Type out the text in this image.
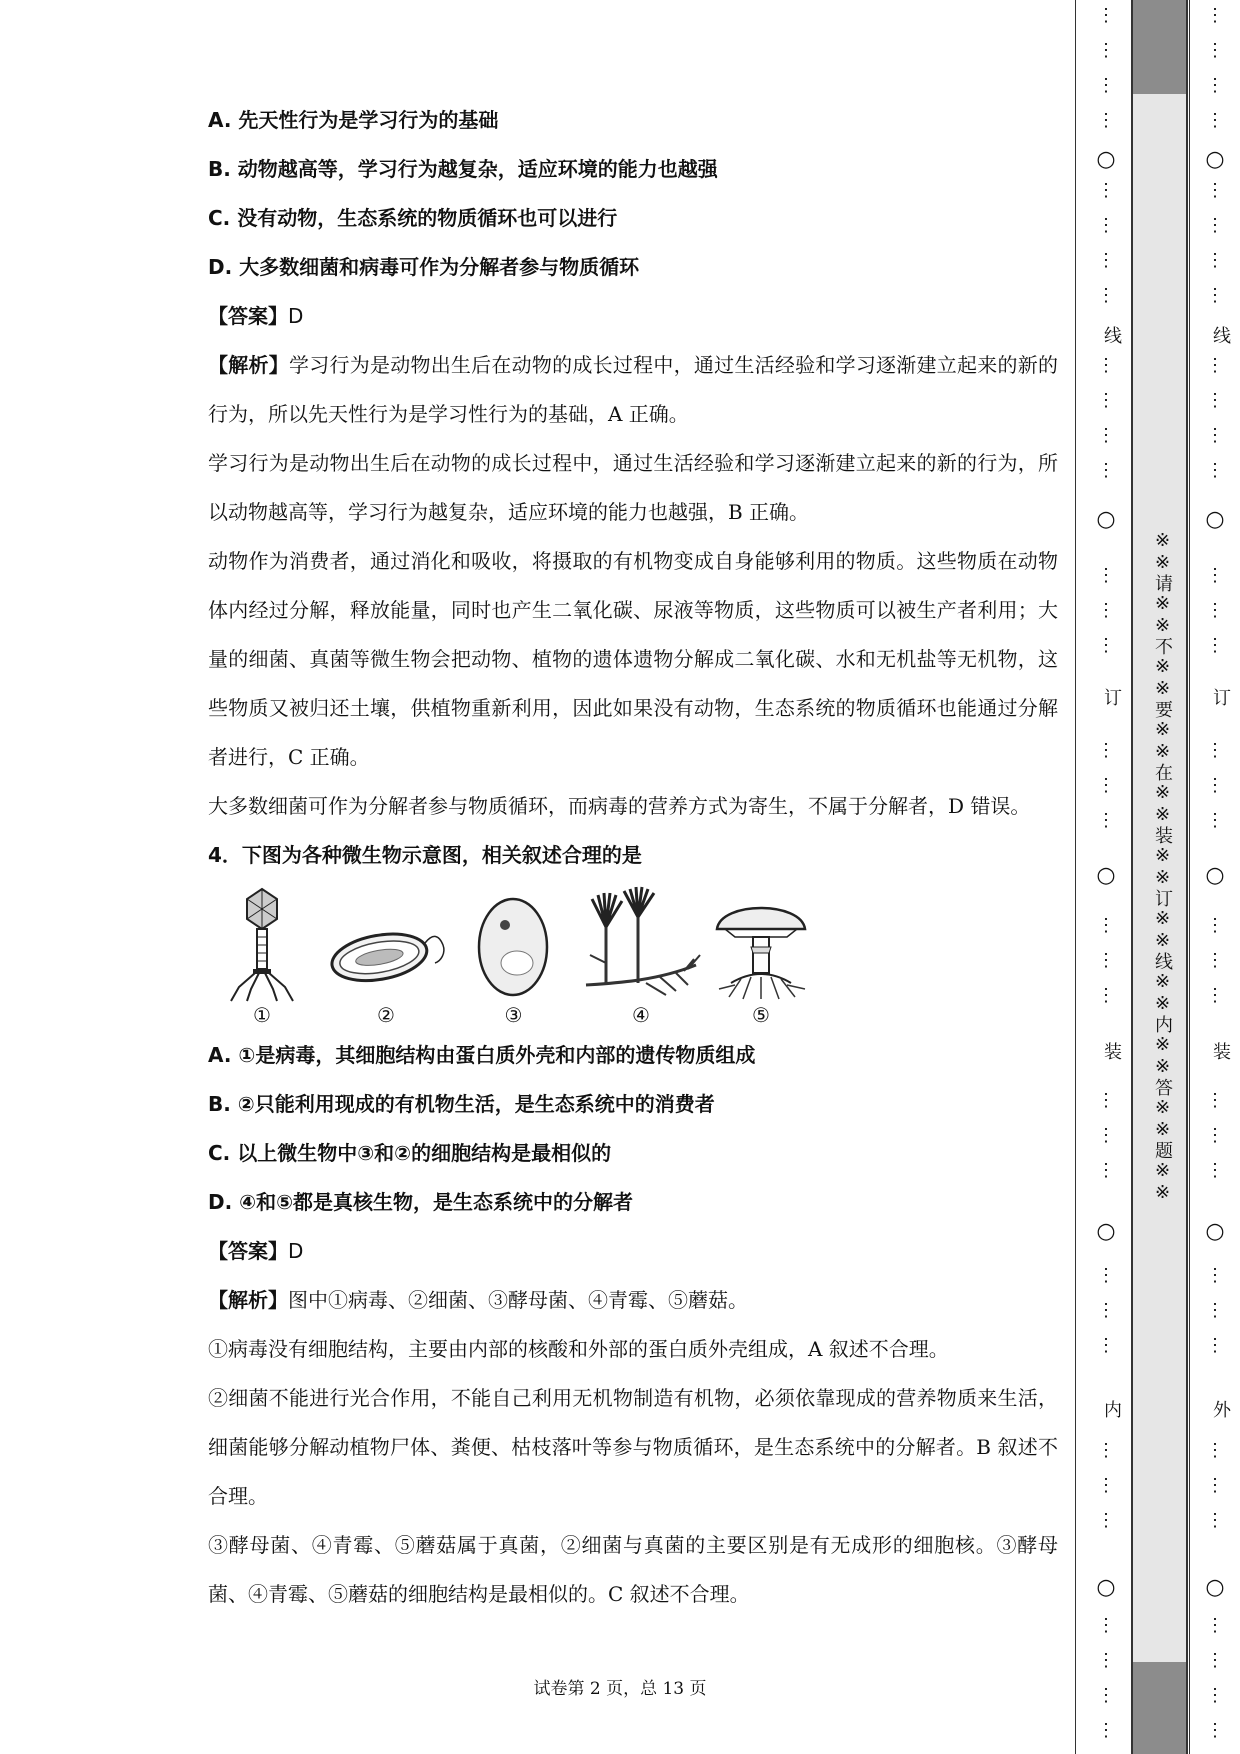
A. 先天性行为是学习行为的基础

B. 动物越高等，学习行为越复杂，适应环境的能力也越强

C. 没有动物，生态系统的物质循环也可以进行

D. 大多数细菌和病毒可作为分解者参与物质循环

【答案】D

【解析】学习行为是动物出生后在动物的成长过程中，通过生活经验和学习逐渐建立起来的新的行为，所以先天性行为是学习性行为的基础，A 正确。

学习行为是动物出生后在动物的成长过程中，通过生活经验和学习逐渐建立起来的新的行为，所以动物越高等，学习行为越复杂，适应环境的能力也越强，B 正确。

动物作为消费者，通过消化和吸收，将摄取的有机物变成自身能够利用的物质。这些物质在动物体内经过分解，释放能量，同时也产生二氧化碳、尿液等物质，这些物质可以被生产者利用；大量的细菌、真菌等微生物会把动物、植物的遗体遗物分解成二氧化碳、水和无机盐等无机物，这些物质又被归还土壤，供植物重新利用，因此如果没有动物，生态系统的物质循环也能通过分解者进行，C 正确。

大多数细菌可作为分解者参与物质循环，而病毒的营养方式为寄生，不属于分解者，D 错误。

4．下图为各种微生物示意图，相关叙述合理的是

①	②	③	④	⑤

A. ①是病毒，其细胞结构由蛋白质外壳和内部的遗传物质组成

B. ②只能利用现成的有机物生活，是生态系统中的消费者

C. 以上微生物中③和②的细胞结构是最相似的

D. ④和⑤都是真核生物，是生态系统中的分解者

【答案】D

【解析】图中①病毒、②细菌、③酵母菌、④青霉、⑤蘑菇。

①病毒没有细胞结构，主要由内部的核酸和外部的蛋白质外壳组成，A 叙述不合理。

②细菌不能进行光合作用，不能自己利用无机物制造有机物，必须依靠现成的营养物质来生活，细菌能够分解动植物尸体、粪便、枯枝落叶等参与物质循环，是生态系统中的分解者。B 叙述不合理。

③酵母菌、④青霉、⑤蘑菇属于真菌，②细菌与真菌的主要区别是有无成形的细胞核。③酵母菌、④青霉、⑤蘑菇的细胞结构是最相似的。C 叙述不合理。

试卷第 2 页，总 13 页
※※请※※不※※要※※在※※装※※订※※线※※内※※答※※题※※
⋮
⋮
⋮
⋮
⋮
⋮
⋮
⋮
⋮
⋮
⋮
⋮
⋮
⋮
⋮
⋮
⋮
⋮
⋮
⋮
⋮
⋮
⋮
⋮
⋮
⋮
⋮
⋮
⋮
⋮
⋮
⋮
⋮
⋮
○
○
○
○
○
线
订
装
内
⋮
⋮
⋮
⋮
⋮
⋮
⋮
⋮
⋮
⋮
⋮
⋮
⋮
⋮
⋮
⋮
⋮
⋮
⋮
⋮
⋮
⋮
⋮
⋮
⋮
⋮
⋮
⋮
⋮
⋮
⋮
⋮
⋮
⋮
○
○
○
○
○
线
订
装
外
